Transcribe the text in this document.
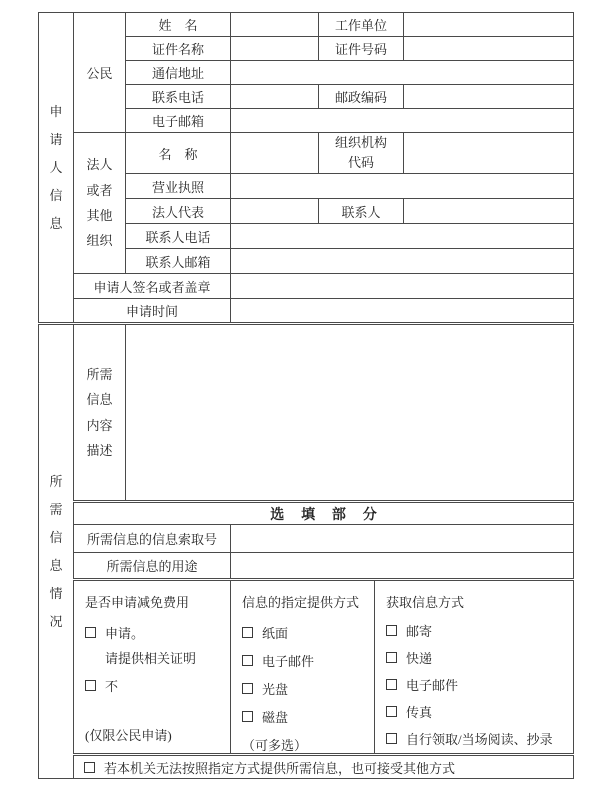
申请人信息	公民	姓　名		工作单位		
		证件名称		证件号码		
		通信地址				
		联系电话		邮政编码		
		电子邮箱				

	法人或者其他组织	名　称		组织机构代码		

		营业执照				
		法人代表		联系人		
		联系人电话				
		联系人邮箱				
	申请人签名或者盖章					
	申请时间					

所需信息情况	所需信息内容描述					

	选填部分					
	所需信息的信息索取号					
	所需信息的用途					

是否申请减免费用
申请。
请提供相关证明
不
(仅限公民申请)

信息的指定提供方式
纸面
电子邮件
光盘
磁盘
（可多选）

获取信息方式
邮寄
快递
电子邮件
传真
自行领取/当场阅读、抄录

	若本机关无法按照指定方式提供所需信息，也可接受其他方式					
